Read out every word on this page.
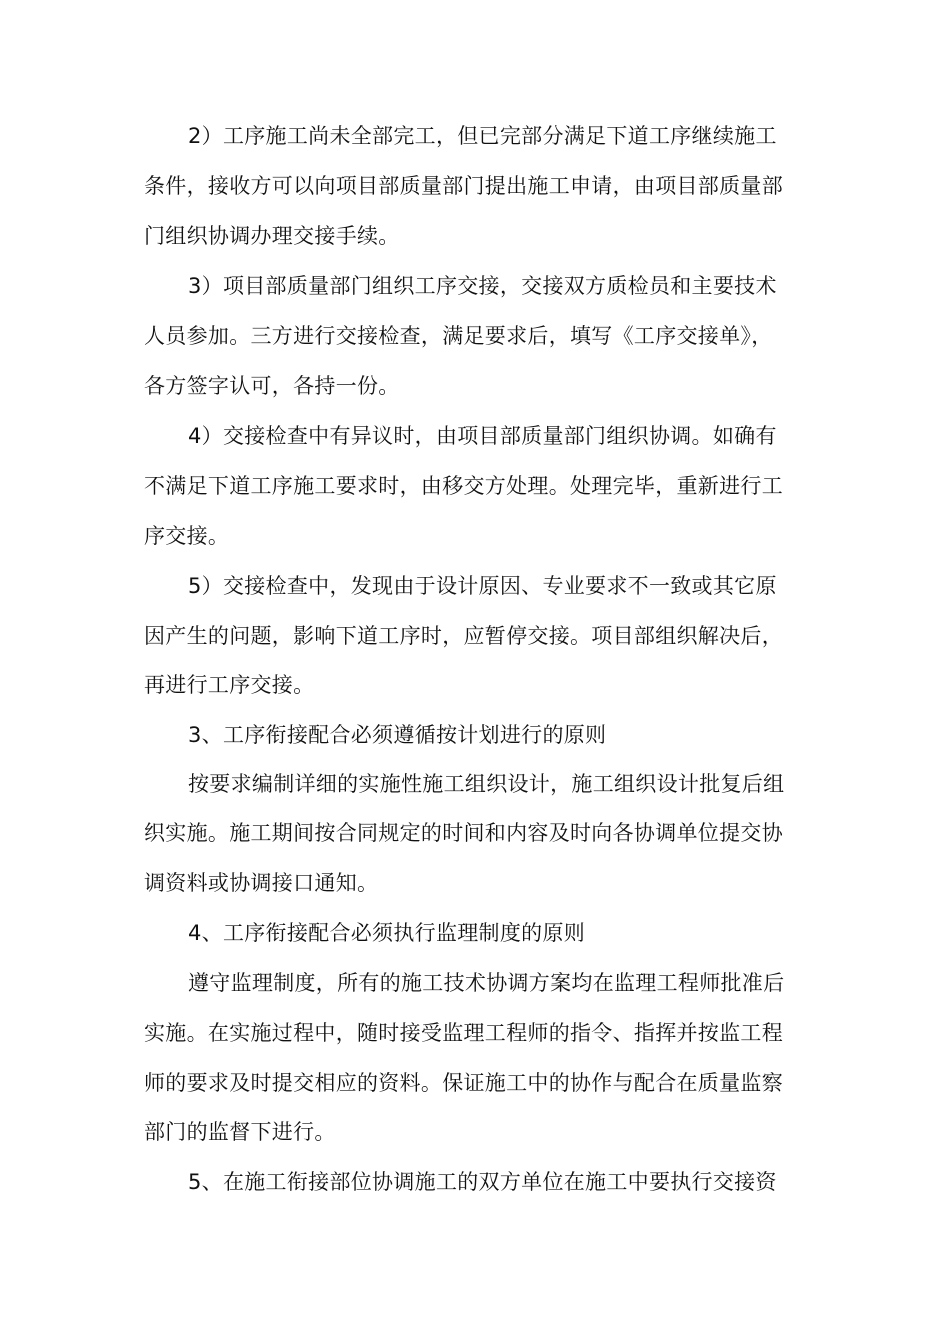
2）工序施工尚未全部完工，但已完部分满足下道工序继续施工
条件，接收方可以向项目部质量部门提出施工申请，由项目部质量部
门组织协调办理交接手续。
3）项目部质量部门组织工序交接，交接双方质检员和主要技术
人员参加。三方进行交接检查，满足要求后，填写《工序交接单》，
各方签字认可，各持一份。
4）交接检查中有异议时，由项目部质量部门组织协调。如确有
不满足下道工序施工要求时，由移交方处理。处理完毕，重新进行工
序交接。
5）交接检查中，发现由于设计原因、专业要求不一致或其它原
因产生的问题，影响下道工序时，应暂停交接。项目部组织解决后，
再进行工序交接。
3、工序衔接配合必须遵循按计划进行的原则
按要求编制详细的实施性施工组织设计，施工组织设计批复后组
织实施。施工期间按合同规定的时间和内容及时向各协调单位提交协
调资料或协调接口通知。
4、工序衔接配合必须执行监理制度的原则
遵守监理制度，所有的施工技术协调方案均在监理工程师批准后
实施。在实施过程中，随时接受监理工程师的指令、指挥并按监工程
师的要求及时提交相应的资料。保证施工中的协作与配合在质量监察
部门的监督下进行。
5、在施工衔接部位协调施工的双方单位在施工中要执行交接资
